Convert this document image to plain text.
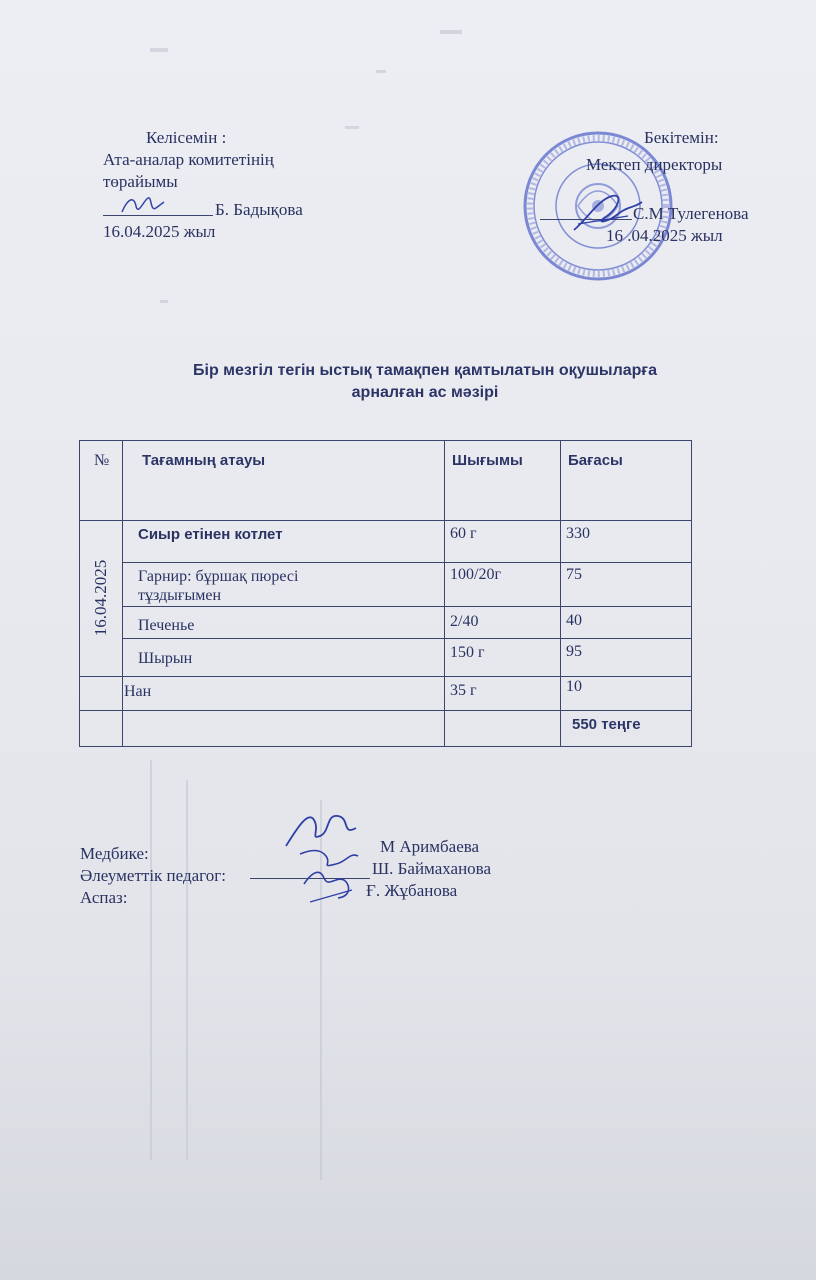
Келісемін :
Ата-аналар комитетінің
төрайымы
Б. Бадықова
16.04.2025 жыл
Бекітемін:
Мектеп директоры
С.М Тулегенова
16 .04.2025 жыл
Бір мезгіл тегін ыстық тамақпен қамтылатын оқушыларға
арналған ас мәзірі
№ Тағамның атауы	Шығымы	Бағасы
16.04.2025
Сиыр етінен котлет	60 г	330
Гарнир: бұршақ пюресі
тұздығымен
100/20г	75
Печенье	2/40	40
Шырын	150 г	95
Нан	35 г	10
550 теңге
Медбике:
Әлеуметтік педагог:
Аспаз:
М Аримбаева
Ш. Баймаханова
Ғ. Жұбанова
